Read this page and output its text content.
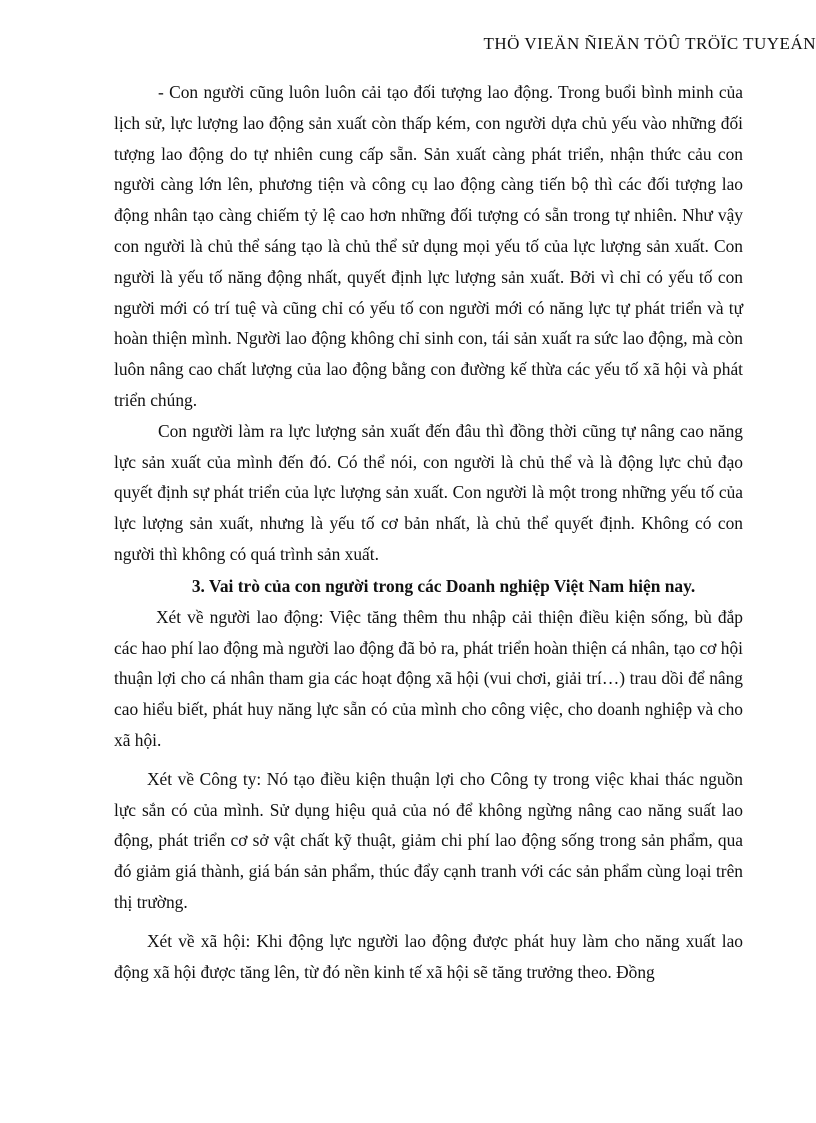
THÖ VIEÄN ÑIEÄN TÖÛ TRÖÏC TUYEÁN

- Con người cũng luôn luôn cải tạo đối tượng lao động. Trong buổi bình minh của lịch sử, lực lượng lao động sản xuất còn thấp kém, con người dựa chủ yếu vào những đối tượng lao động do tự nhiên cung cấp sẵn. Sản xuất càng phát triển, nhận thức cảu con người càng lớn lên, phương tiện và công cụ lao động càng tiến bộ thì các đối tượng lao động nhân tạo càng chiếm tỷ lệ cao hơn những đối tượng có sẵn trong tự nhiên. Như vậy con người là chủ thể sáng tạo là chủ thể sử dụng mọi yếu tố của lực lượng sản xuất. Con người là yếu tố năng động nhất, quyết định lực lượng sản xuất. Bởi vì chỉ có yếu tố con người mới có trí tuệ và cũng chỉ có yếu tố con người mới có năng lực tự phát triển và tự hoàn thiện mình. Người lao động không chỉ sinh con, tái sản xuất ra sức lao động, mà còn luôn nâng cao chất lượng của lao động bằng con đường kế thừa các yếu tố xã hội và phát triển chúng.

Con người làm ra lực lượng sản xuất đến đâu thì đồng thời cũng tự nâng cao năng lực sản xuất của mình đến đó. Có thể nói, con người là chủ thể và là động lực chủ đạo quyết định sự phát triển của lực lượng sản xuất. Con người là một trong những yếu tố của lực lượng sản xuất, nhưng là yếu tố cơ bản nhất, là chủ thể quyết định. Không có con người thì không có quá trình sản xuất.

3. Vai trò của con người trong các Doanh nghiệp Việt Nam hiện nay.

Xét về người lao động: Việc tăng thêm thu nhập cải thiện điều kiện sống, bù đắp các hao phí lao động mà người lao động đã bỏ ra, phát triển hoàn thiện cá nhân, tạo cơ hội thuận lợi cho cá nhân tham gia các hoạt động xã hội (vui chơi, giải trí…) trau dồi để nâng cao hiểu biết, phát huy năng lực sẵn có của mình cho công việc, cho doanh nghiệp và cho xã hội.

Xét về Công ty: Nó tạo điều kiện thuận lợi cho Công ty trong việc khai thác nguồn lực sắn có của mình. Sử dụng hiệu quả của nó để không ngừng nâng cao năng suất lao động, phát triển cơ sở vật chất kỹ thuật, giảm chi phí lao động sống trong sản phẩm, qua đó giảm giá thành, giá bán sản phẩm, thúc đẩy cạnh tranh với các sản phẩm cùng loại trên thị trường.

Xét về xã hội: Khi động lực người lao động được phát huy làm cho năng xuất lao động xã hội được tăng lên, từ đó nền kinh tế xã hội sẽ tăng trưởng theo. Đồng
